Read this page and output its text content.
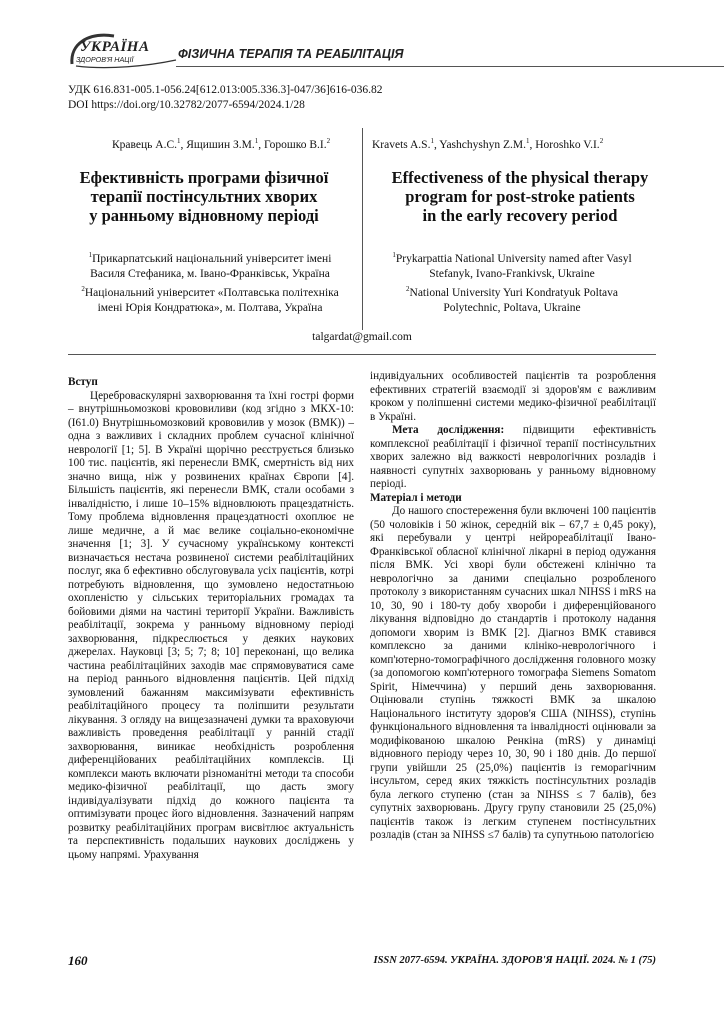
УКРАЇНА
ЗДОРОВ'Я НАЦІЇ	ФІЗИЧНА ТЕРАПІЯ ТА РЕАБІЛІТАЦІЯ
УДК 616.831-005.1-056.24[612.013:005.336.3]-047/36]616-036.82
DOI https://doi.org/10.32782/2077-6594/2024.1/28
Кравець А.С.$^1$, Ящишин З.М.$^1$, Горошко В.І.$^2$	Kravets A.S.$^1$, Yashchyshyn Z.M.$^1$, Horoshko V.I.$^2$
Ефективність програми фізичної
терапії постінсультних хворих
у ранньому відновному періоді
Effectiveness of the physical therapy
program for post-stroke patients
in the early recovery period
$^1$Прикарпатський національний університет імені
Василя Стефаника, м. Івано-Франківськ, Україна
$^2$Національний університет «Полтавська політехніка
імені Юрія Кондратюка», м. Полтава, Україна
$^1$Prykarpattia National University named after Vasyl
Stefanyk, Ivano-Frankivsk, Ukraine
$^2$National University Yuri Kondratyuk Poltava
Polytechnic, Poltava, Ukraine
talgardat@gmail.com

Вступ

Цереброваскулярні захворювання та їхні гострі форми – внутрішньомозкові крововиливи (код згідно з МКХ-10: (I61.0) Внутрішньомозковий крововилив у мозок (ВМК)) – одна з важливих і складних проблем сучасної клінічної неврології [1; 5]. В Україні щорічно реєструється близько 100 тис. пацієнтів, які перенесли ВМК, смертність від них значно вища, ніж у розвинених країнах Європи [4]. Більшість пацієнтів, які перенесли ВМК, стали особами з інвалідністю, і лише 10–15% відновлюють працездатність. Тому проблема відновлення працездатності охоплює не лише медичне, а й має велике соціально-економічне значення [1; 3]. У сучасному українському контексті визначається нестача розвиненої системи реабілітаційних послуг, яка б ефективно обслуговувала усіх пацієнтів, котрі потребують відновлення, що зумовлено недостатньою охопленістю у сільських територіальних громадах та бойовими діями на частині території України. Важливість реабілітації, зокрема у ранньому відновному періоді захворювання, підкреслюється у деяких наукових джерелах. Науковці [3; 5; 7; 8; 10] переконані, що велика частина реабілітаційних заходів має спрямовуватися саме на період раннього відновлення пацієнтів. Цей підхід зумовлений бажанням максимізувати ефективність реабілітаційного процесу та поліпшити результати лікування. З огляду на вищезазначені думки та враховуючи важливість проведення реабілітації у ранній стадії захворювання, виникає необхідність розроблення диференційованих реабілітаційних комплексів. Ці комплекси мають включати різноманітні методи та способи медико-фізичної реабілітації, що дасть змогу індивідуалізувати підхід до кожного пацієнта та оптимізувати процес його відновлення. Зазначений напрям розвитку реабілітаційних програм висвітлює актуальність та перспективність подальших наукових досліджень у цьому напрямі. Урахування

індивідуальних особливостей пацієнтів та розроблення ефективних стратегій взаємодії зі здоров'ям є важливим кроком у поліпшенні системи медико-фізичної реабілітації в Україні.

Мета дослідження: підвищити ефективність комплексної реабілітації і фізичної терапії постінсультних хворих залежно від важкості неврологічних розладів і наявності супутніх захворювань у ранньому відновному періоді.

Матеріал і методи

До нашого спостереження були включені 100 пацієнтів (50 чоловіків і 50 жінок, середній вік – 67,7 ± 0,45 року), які перебували у центрі нейрореабілітації Івано-Франківської обласної клінічної лікарні в період одужання після ВМК. Усі хворі були обстежені клінічно та неврологічно за даними спеціально розробленого протоколу з використанням сучасних шкал NIHSS і mRS на 10, 30, 90 і 180-ту добу хвороби і диференційованого лікування відповідно до стандартів і протоколу надання допомоги хворим із ВМК [2]. Діагноз ВМК ставився комплексно за даними клініко-неврологічного і комп'ютерно-томографічного дослідження головного мозку (за допомогою комп'ютерного томографа Siemens Somatom Spirit, Німеччина) у перший день захворювання. Оцінювали ступінь тяжкості ВМК за шкалою Національного інституту здоров'я США (NIHSS), ступінь функціонального відновлення та інвалідності оцінювали за модифікованою шкалою Ренкіна (mRS) у динаміці відновного періоду через 10, 30, 90 і 180 днів. До першої групи увійшли 25 (25,0%) пацієнтів із геморагічним інсультом, серед яких тяжкість постінсультних розладів була легкого ступеню (стан за NIHSS ≤ 7 балів), без супутніх захворювань. Другу групу становили 25 (25,0%) пацієнтів також із легким ступенем постінсультних розладів (стан за NIHSS ≤7 балів) та супутньою патологією

160	ISSN 2077-6594. УКРАЇНА. ЗДОРОВ'Я НАЦІЇ. 2024. № 1 (75)
